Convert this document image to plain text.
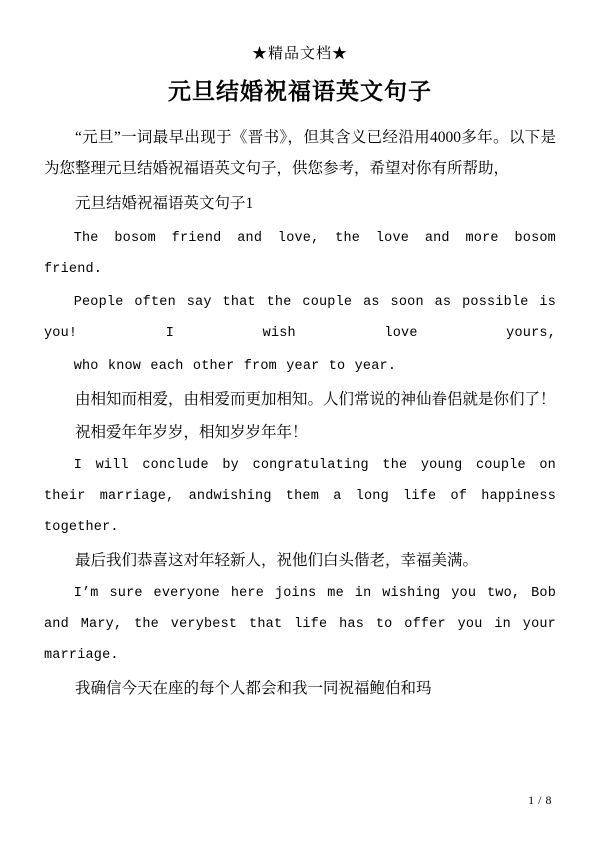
★精品文档★
元旦结婚祝福语英文句子

“元旦”一词最早出现于《晋书》，但其含义已经沿用4000多年。以下是为您整理元旦结婚祝福语英文句子，供您参考，希望对你有所帮助，

元旦结婚祝福语英文句子1

The bosom friend and love, the love and more bosom friend.

People often say that the couple as soon as possible is you! I wish love yours,

who know each other from year to year.

由相知而相爱，由相爱而更加相知。人们常说的神仙眷侣就是你们了！

祝相爱年年岁岁，相知岁岁年年！

I will conclude by congratulating the young couple on their marriage, andwishing them a long life of happiness together.

最后我们恭喜这对年轻新人，祝他们白头偕老，幸福美满。

I’m sure everyone here joins me in wishing you two, Bob and Mary, the verybest that life has to offer you in your marriage.

我确信今天在座的每个人都会和我一同祝福鲍伯和玛

1 / 8
